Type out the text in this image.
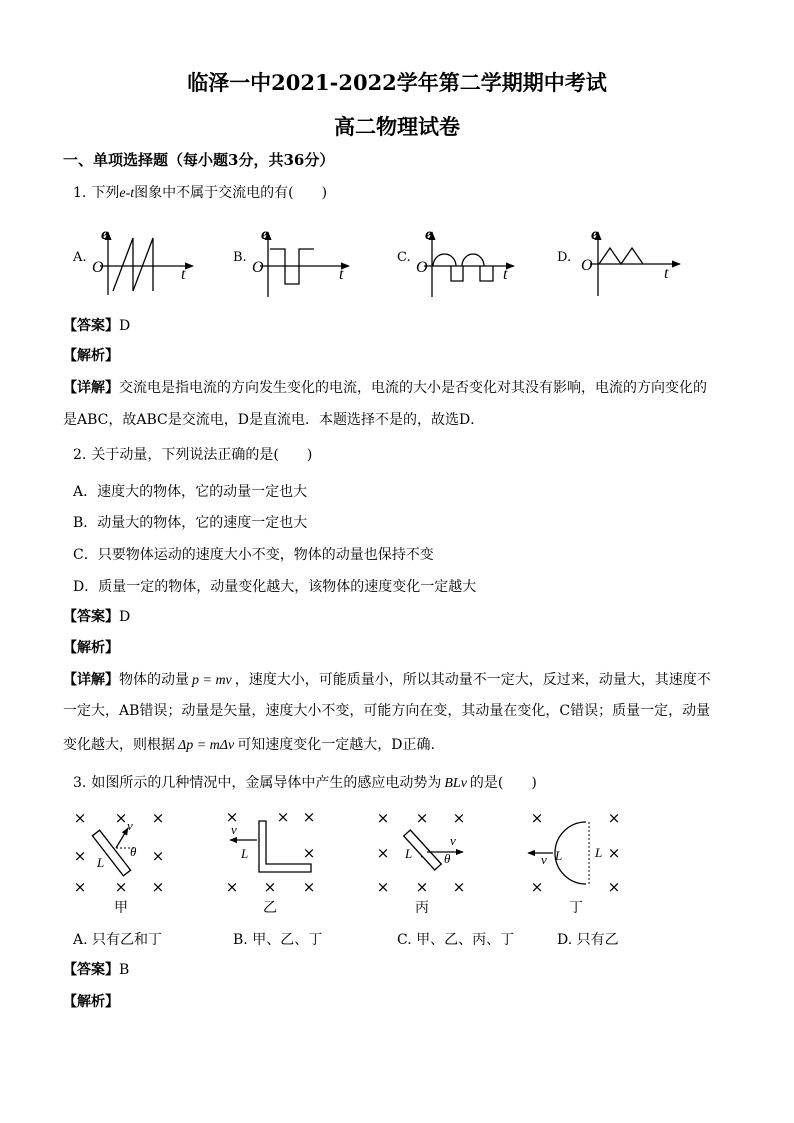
临泽一中2021-2022学年第二学期期中考试
高二物理试卷
一、单项选择题（每小题3分，共36分）
1. 下列e-t图象中不属于交流电的有(　　)
A.	B.	C.	D.
e
O	t
e
O	t
e
O	t
e
O	t
【答案】D
【解析】
【详解】交流电是指电流的方向发生变化的电流，电流的大小是否变化对其没有影响，电流的方向变化的
是ABC，故ABC是交流电，D是直流电．本题选择不是的，故选D．
2. 关于动量，下列说法正确的是(　　)
A．速度大的物体，它的动量一定也大
B．动量大的物体，它的速度一定也大
C．只要物体运动的速度大小不变，物体的动量也保持不变
D．质量一定的物体，动量变化越大，该物体的速度变化一定越大
【答案】D
【解析】
【详解】物体的动量 p = mv ，速度大小，可能质量小，所以其动量不一定大，反过来，动量大，其速度不
一定大，AB错误；动量是矢量，速度大小不变，可能方向在变，其动量在变化，C错误；质量一定，动量
变化越大，则根据 Δp = mΔv 可知速度变化一定越大，D正确.
3. 如图所示的几种情况中，金属导体中产生的感应电动势为 BLv 的是(　　)
× × ×
×	×
× × ×
×	× ×
×
× × ×
× × ×
×
× × ×
×	×
×
×	×
v
θ
L
甲
v
L
乙
v
θ
L
丙
v L	L
丁
A. 只有乙和丁	B. 甲、乙、丁	C. 甲、乙、丙、丁	D. 只有乙
【答案】B
【解析】
